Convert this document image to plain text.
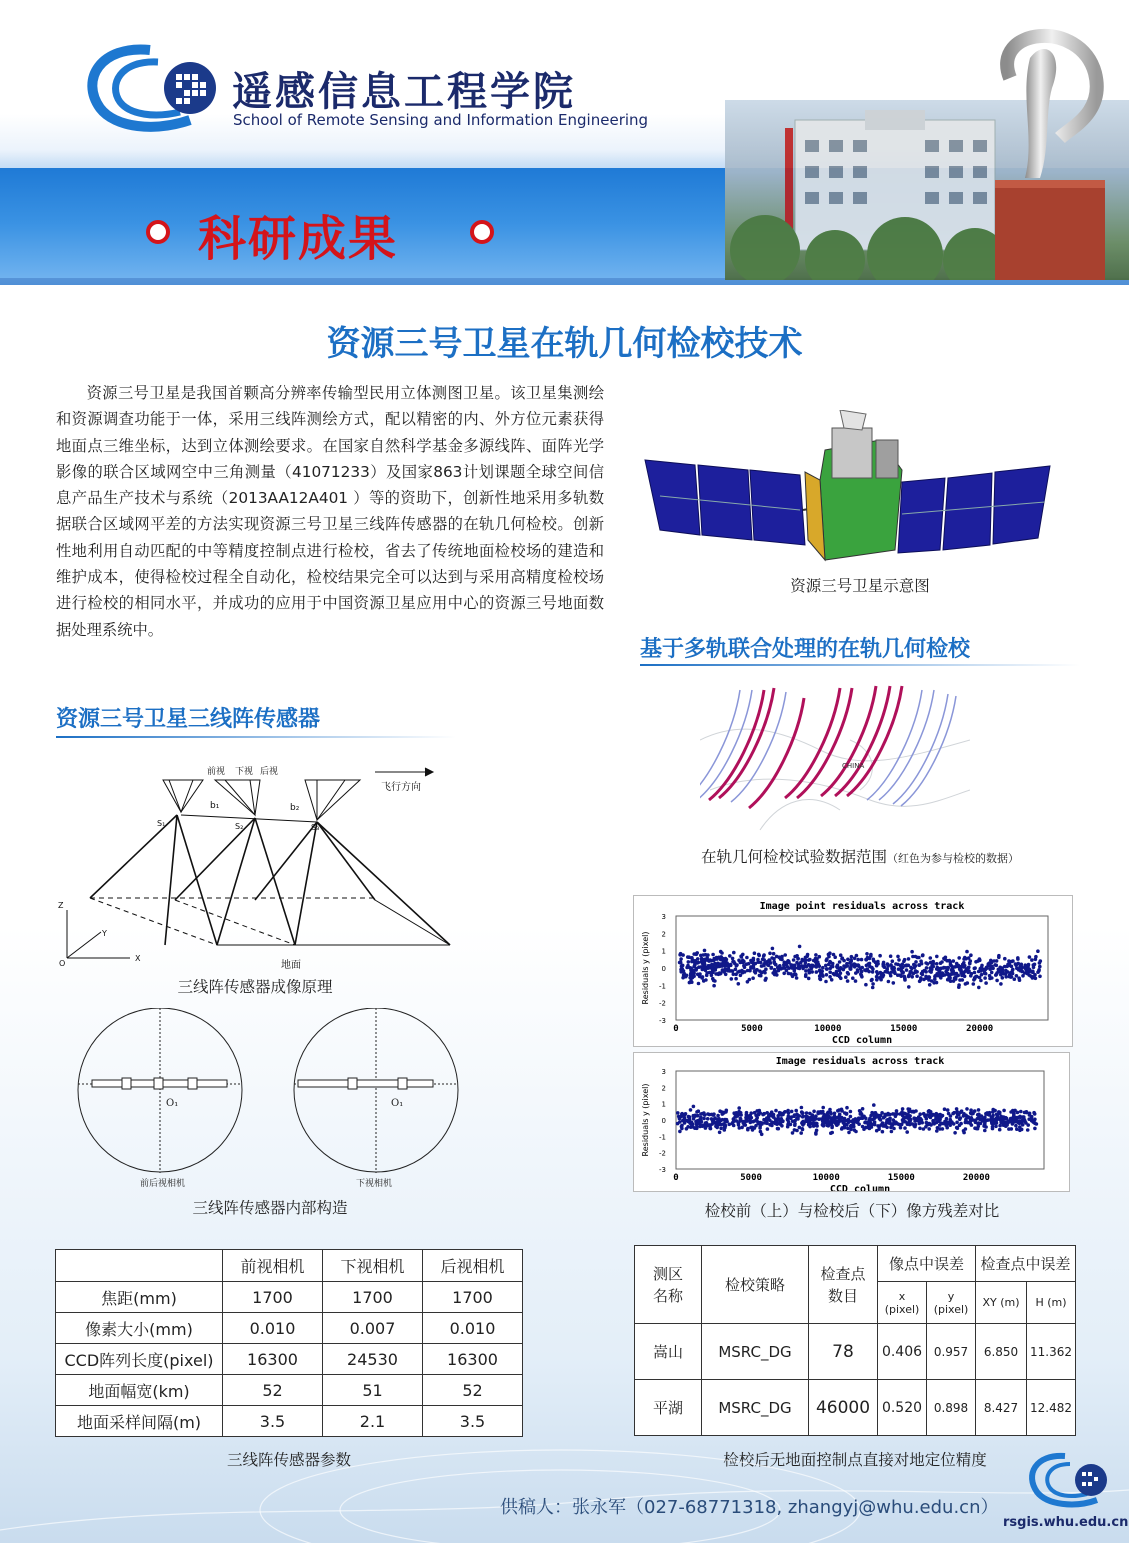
遥感信息工程学院
School of Remote Sensing and Information Engineering
科研成果
资源三号卫星在轨几何检校技术
资源三号卫星是我国首颗高分辨率传输型民用立体测图卫星。该卫星集测绘和资源调查功能于一体，采用三线阵测绘方式，配以精密的内、外方位元素获得地面点三维坐标，达到立体测绘要求。在国家自然科学基金多源线阵、面阵光学影像的联合区域网空中三角测量（41071233）及国家863计划课题全球空间信息产品生产技术与系统（2013AA12A401 ）等的资助下，创新性地采用多轨数据联合区域网平差的方法实现资源三号卫星三线阵传感器的在轨几何检校。创新性地利用自动匹配的中等精度控制点进行检校，省去了传统地面检校场的建造和维护成本，使得检校过程全自动化，检校结果完全可以达到与采用高精度检校场进行检校的相同水平，并成功的应用于中国资源卫星应用中心的资源三号地面数据处理系统中。
资源三号卫星三线阵传感器
前视 下视 后视
飞行方向
b₁	b₂
S₁	S₂	S₃
Z
Y
X
O	地面
三线阵传感器成像原理
O₁	O₁
前后视相机	下视相机
三线阵传感器内部构造
	前视相机	下视相机	后视相机
焦距(mm)	1700	1700	1700
像素大小(mm)	0.010	0.007	0.010
CCD阵列长度(pixel)	16300	24530	16300
地面幅宽(km)	52	51	52
地面采样间隔(m)	3.5	2.1	3.5
三线阵传感器参数
资源三号卫星示意图
基于多轨联合处理的在轨几何检校
CHINA
在轨几何检校试验数据范围（红色为参与检校的数据）
Image point residuals across track
3
2
1
0
-1
-2
-3
0	5000	10000	15000	20000
CCD column
Residuals y (pixel)
Image residuals across track
3
2
1
0
-1
-2
-3
0	5000	10000	15000	20000
CCD column
Residuals y (pixel)
检校前（上）与检校后（下）像方残差对比
测区名称	检校策略	检查点数目	像点中误差		检查点中误差	

			x (pixel)	y (pixel)	XY (m)	H (m)
嵩山	MSRC_DG	78	0.406	0.957	6.850	11.362
平湖	MSRC_DG	46000	0.520	0.898	8.427	12.482
检校后无地面控制点直接对地定位精度
供稿人：张永军（027-68771318, zhangyj@whu.edu.cn）
rsgis.whu.edu.cn
